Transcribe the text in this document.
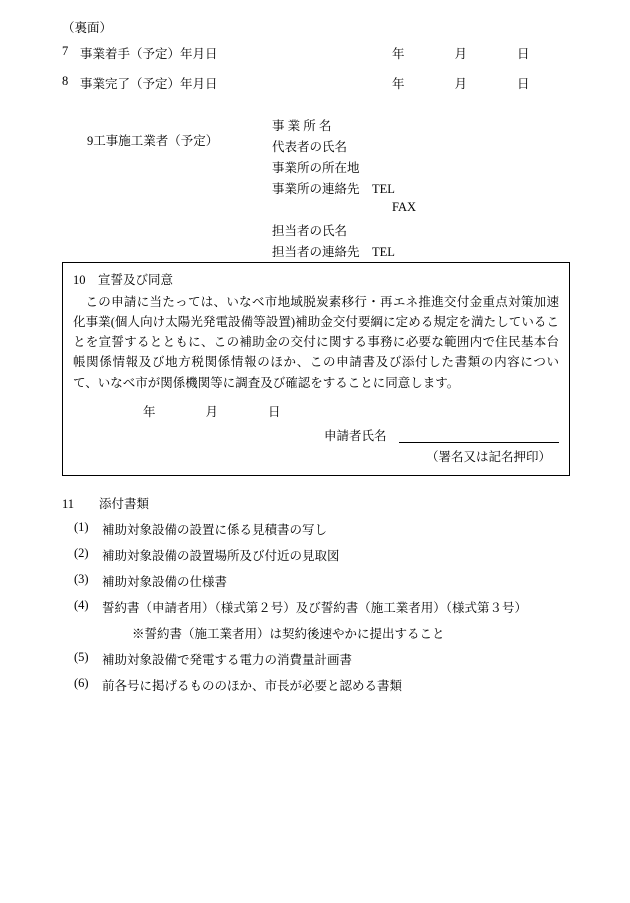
（裏面）
7 事業着手（予定）年月日	年　　　　月　　　　日
8 事業完了（予定）年月日	年　　　　月　　　　日

9工事施工業者（予定）

事 業 所 名
代表者の氏名
事業所の所在地
事業所の連絡先　TEL
FAX
担当者の氏名
担当者の連絡先　TEL
10　宣誓及び同意

この申請に当たっては、いなべ市地域脱炭素移行・再エネ推進交付金重点対策加速化事業(個人向け太陽光発電設備等設置)補助金交付要綱に定める規定を満たしていることを宣誓するとともに、この補助金の交付に関する事務に必要な範囲内で住民基本台帳関係情報及び地方税関係情報のほか、この申請書及び添付した書類の内容について、いなべ市が関係機関等に調査及び確認をすることに同意します。

年　　　　月　　　　日
申請者氏名　
（署名又は記名押印）
11　　添付書類
(1)	補助対象設備の設置に係る見積書の写し
(2)	補助対象設備の設置場所及び付近の見取図
(3)	補助対象設備の仕様書
(4)	誓約書（申請者用）（様式第２号）及び誓約書（施工業者用）（様式第３号）
※誓約書（施工業者用）は契約後速やかに提出すること
(5)	補助対象設備で発電する電力の消費量計画書
(6)	前各号に掲げるもののほか、市長が必要と認める書類
